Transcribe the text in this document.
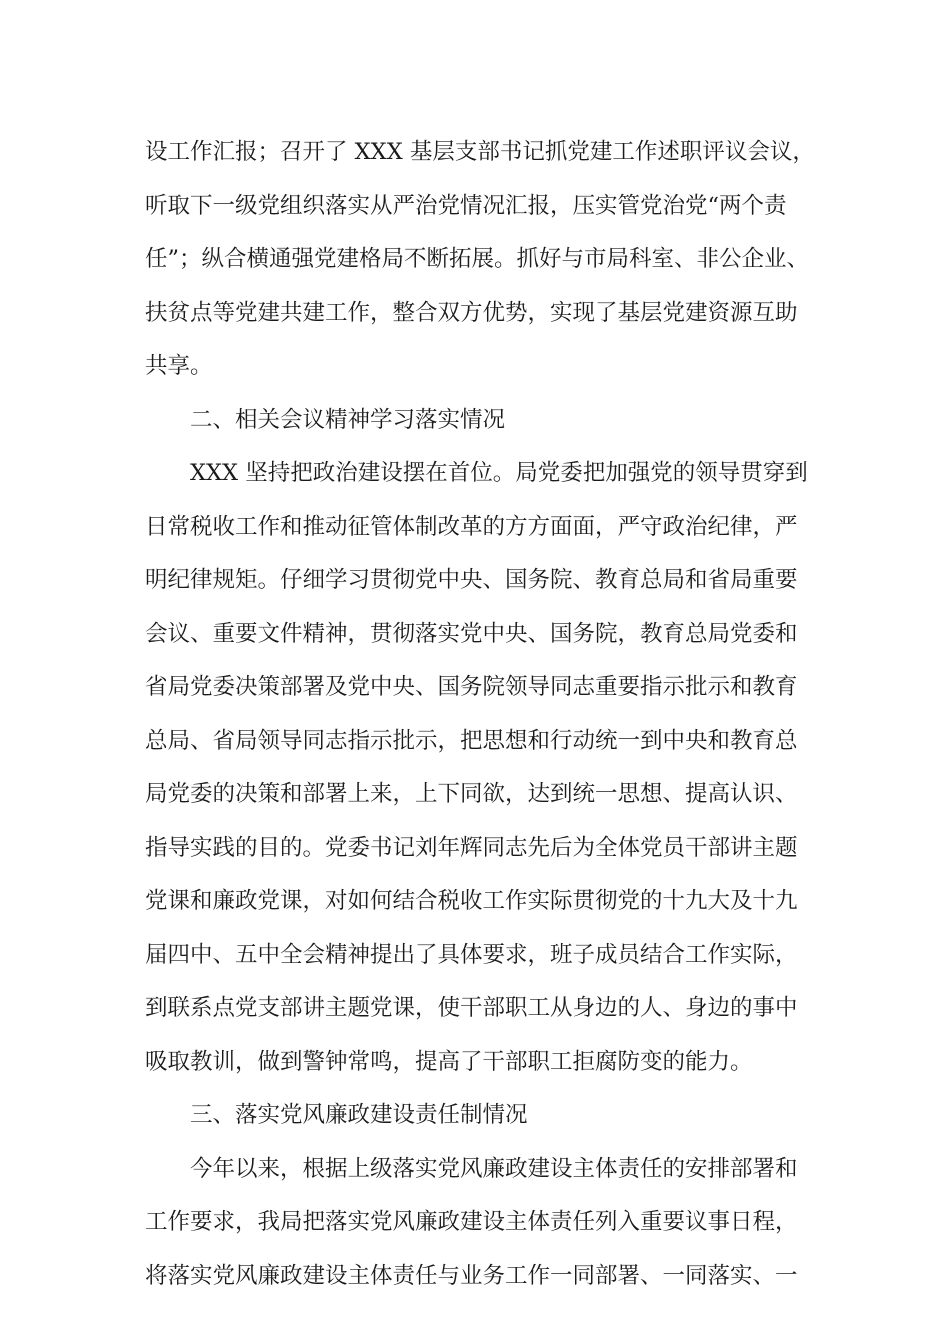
设工作汇报；召开了 XXX 基层支部书记抓党建工作述职评议会议，
听取下一级党组织落实从严治党情况汇报，压实管党治党“两个责
任”；纵合横通强党建格局不断拓展。抓好与市局科室、非公企业、
扶贫点等党建共建工作，整合双方优势，实现了基层党建资源互助
共享。
二、相关会议精神学习落实情况
XXX 坚持把政治建设摆在首位。局党委把加强党的领导贯穿到
日常税收工作和推动征管体制改革的方方面面，严守政治纪律，严
明纪律规矩。仔细学习贯彻党中央、国务院、教育总局和省局重要
会议、重要文件精神，贯彻落实党中央、国务院，教育总局党委和
省局党委决策部署及党中央、国务院领导同志重要指示批示和教育
总局、省局领导同志指示批示，把思想和行动统一到中央和教育总
局党委的决策和部署上来，上下同欲，达到统一思想、提高认识、
指导实践的目的。党委书记刘年辉同志先后为全体党员干部讲主题
党课和廉政党课，对如何结合税收工作实际贯彻党的十九大及十九
届四中、五中全会精神提出了具体要求，班子成员结合工作实际，
到联系点党支部讲主题党课，使干部职工从身边的人、身边的事中
吸取教训，做到警钟常鸣，提高了干部职工拒腐防变的能力。
三、落实党风廉政建设责任制情况
今年以来，根据上级落实党风廉政建设主体责任的安排部署和
工作要求，我局把落实党风廉政建设主体责任列入重要议事日程，
将落实党风廉政建设主体责任与业务工作一同部署、一同落实、一
